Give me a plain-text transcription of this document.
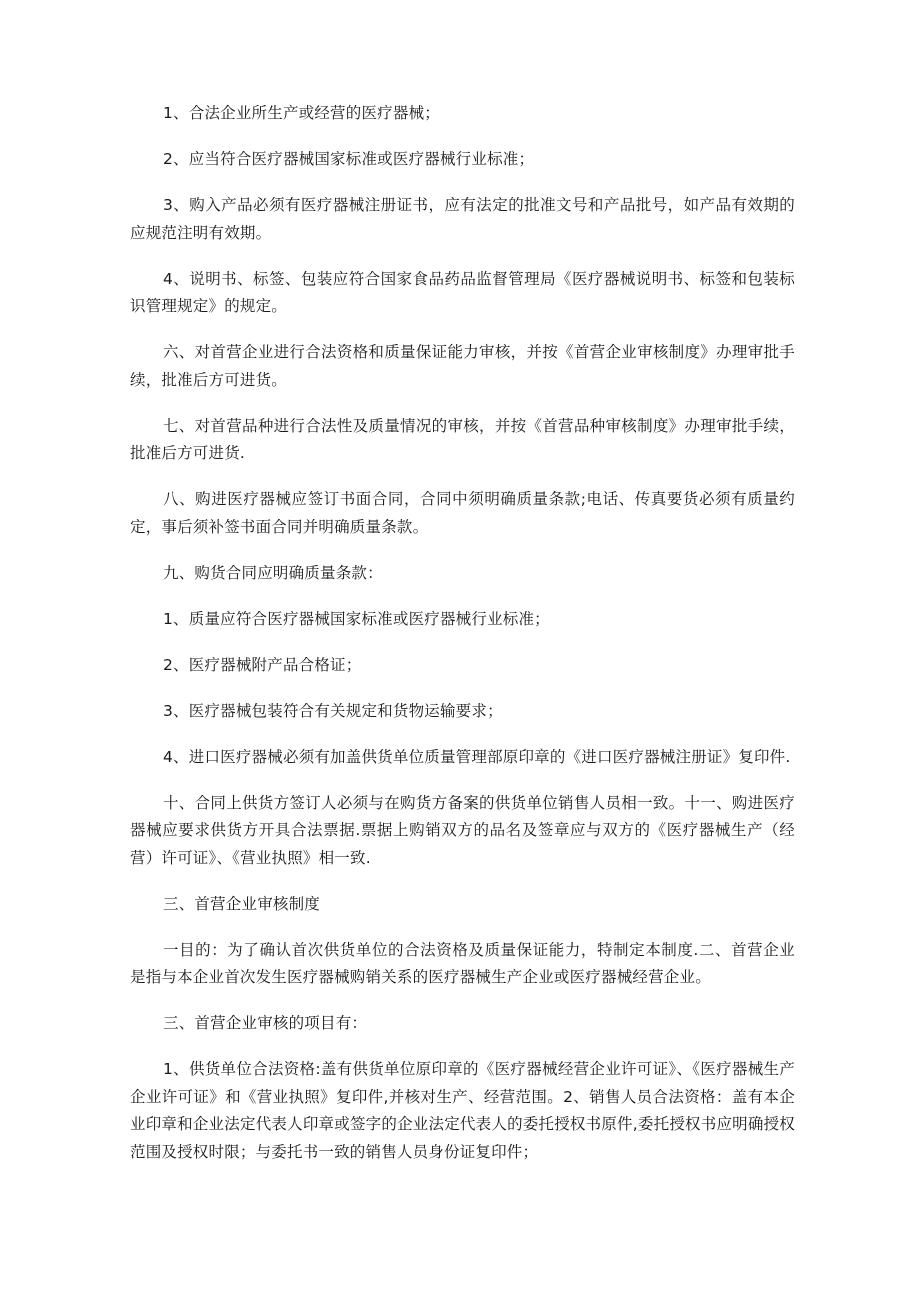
1、合法企业所生产或经营的医疗器械；

2、应当符合医疗器械国家标准或医疗器械行业标准；

3、购入产品必须有医疗器械注册证书，应有法定的批准文号和产品批号，如产品有效期的应规范注明有效期。

4、说明书、标签、包装应符合国家食品药品监督管理局《医疗器械说明书、标签和包装标识管理规定》的规定。

六、对首营企业进行合法资格和质量保证能力审核，并按《首营企业审核制度》办理审批手续，批准后方可进货。

七、对首营品种进行合法性及质量情况的审核，并按《首营品种审核制度》办理审批手续，批准后方可进货.

八、购进医疗器械应签订书面合同，合同中须明确质量条款;电话、传真要货必须有质量约定，事后须补签书面合同并明确质量条款。

九、购货合同应明确质量条款：

1、质量应符合医疗器械国家标准或医疗器械行业标准；

2、医疗器械附产品合格证；

3、医疗器械包装符合有关规定和货物运输要求；

4、进口医疗器械必须有加盖供货单位质量管理部原印章的《进口医疗器械注册证》复印件.

十、合同上供货方签订人必须与在购货方备案的供货单位销售人员相一致。十一、购进医疗器械应要求供货方开具合法票据.票据上购销双方的品名及签章应与双方的《医疗器械生产（经营）许可证》、《营业执照》相一致.

三、首营企业审核制度

一目的：为了确认首次供货单位的合法资格及质量保证能力，特制定本制度.二、首营企业是指与本企业首次发生医疗器械购销关系的医疗器械生产企业或医疗器械经营企业。

三、首营企业审核的项目有：

1、供货单位合法资格:盖有供货单位原印章的《医疗器械经营企业许可证》、《医疗器械生产企业许可证》和《营业执照》复印件,并核对生产、经营范围。2、销售人员合法资格：盖有本企业印章和企业法定代表人印章或签字的企业法定代表人的委托授权书原件,委托授权书应明确授权范围及授权时限；与委托书一致的销售人员身份证复印件；
